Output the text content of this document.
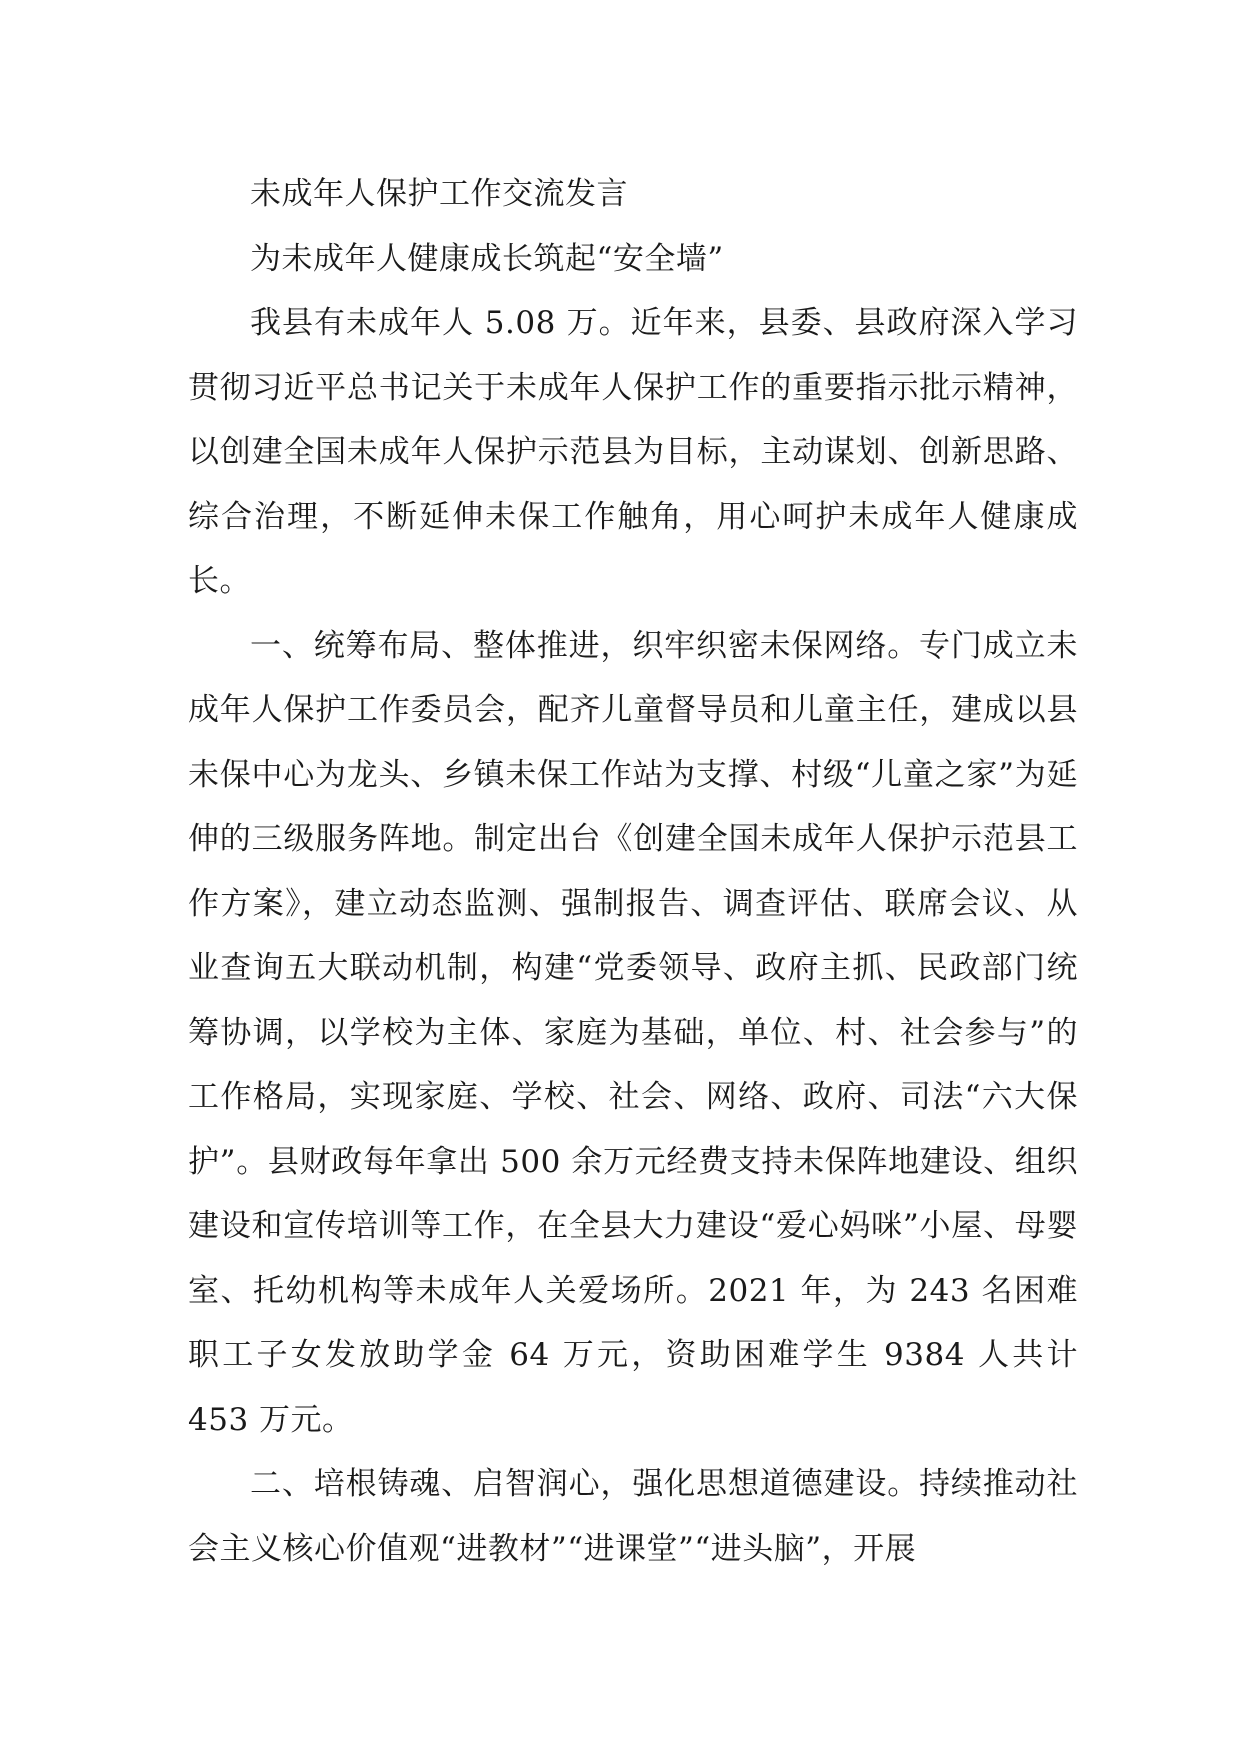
未成年人保护工作交流发言

为未成年人健康成长筑起“安全墙”

我县有未成年人 5.08 万。近年来，县委、县政府深入学习贯彻习近平总书记关于未成年人保护工作的重要指示批示精神，以创建全国未成年人保护示范县为目标，主动谋划、创新思路、综合治理，不断延伸未保工作触角，用心呵护未成年人健康成长。

一、统筹布局、整体推进，织牢织密未保网络。专门成立未成年人保护工作委员会，配齐儿童督导员和儿童主任，建成以县未保中心为龙头、乡镇未保工作站为支撑、村级“儿童之家”为延伸的三级服务阵地。制定出台《创建全国未成年人保护示范县工作方案》，建立动态监测、强制报告、调查评估、联席会议、从业查询五大联动机制，构建“党委领导、政府主抓、民政部门统筹协调，以学校为主体、家庭为基础，单位、村、社会参与”的工作格局，实现家庭、学校、社会、网络、政府、司法“六大保护”。县财政每年拿出 500 余万元经费支持未保阵地建设、组织建设和宣传培训等工作，在全县大力建设“爱心妈咪”小屋、母婴室、托幼机构等未成年人关爱场所。2021 年，为 243 名困难职工子女发放助学金 64 万元，资助困难学生 9384 人共计 453 万元。

二、培根铸魂、启智润心，强化思想道德建设。持续推动社会主义核心价值观“进教材”“进课堂”“进头脑”，开展
